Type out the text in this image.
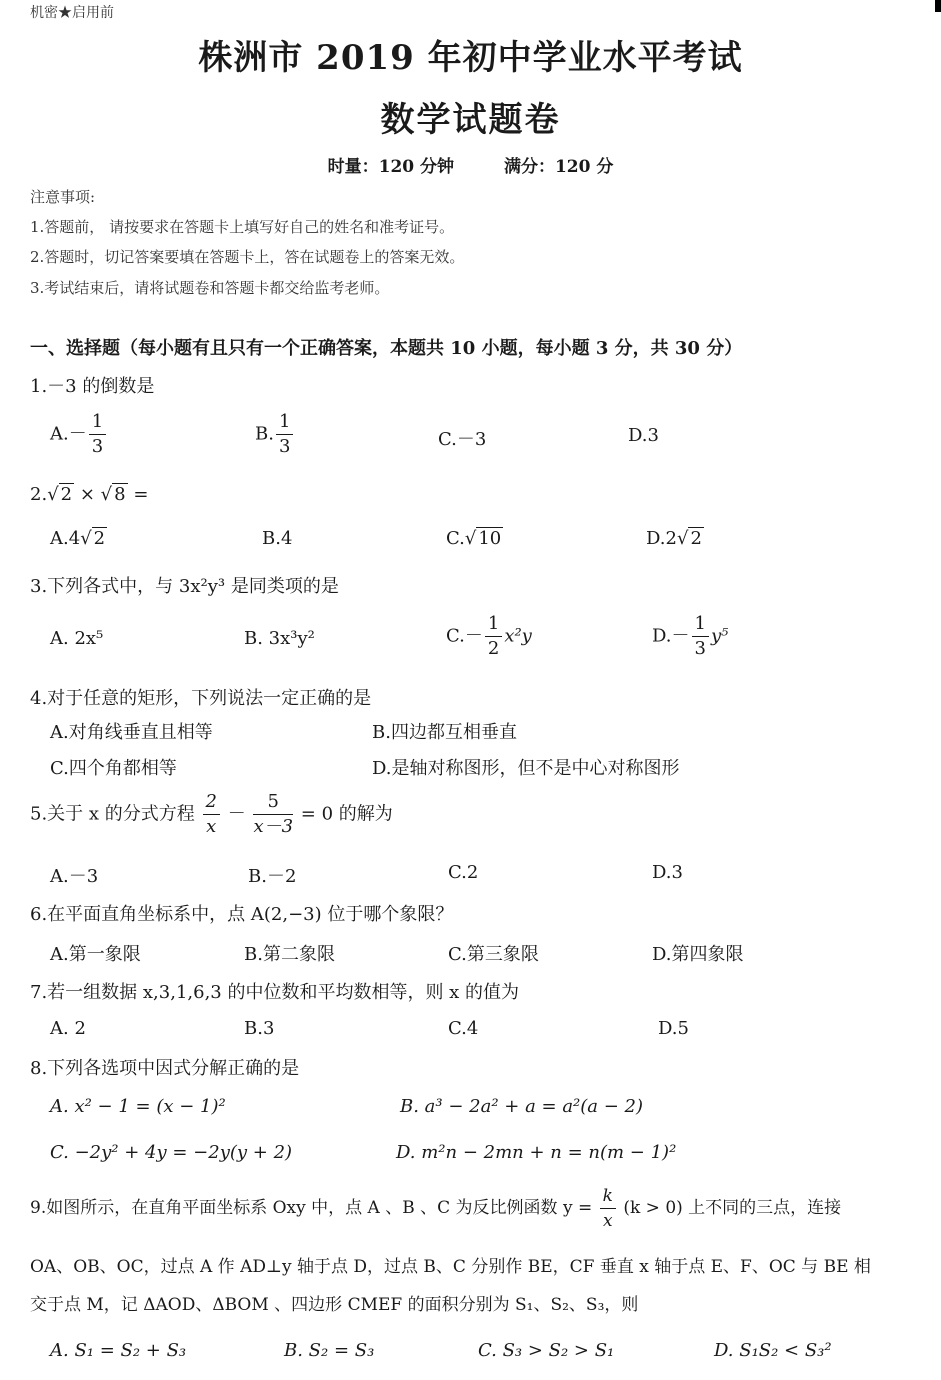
机密★启用前
株洲市 2019 年初中学业水平考试
数学试题卷
时量：120 分钟	满分：120 分
注意事项:
1.答题前， 请按要求在答题卡上填写好自己的姓名和准考证号。
2.答题时，切记答案要填在答题卡上，答在试题卷上的答案无效。
3.考试结束后，请将试题卷和答题卡都交给监考老师。
一、选择题（每小题有且只有一个正确答案，本题共 10 小题，每小题 3 分，共 30 分）
1.－3 的倒数是
$A.- \frac{1}{3}$	B. $\frac{1}{3}$	C.－3	D.3
2.√ 2 × √ 8 =
A.4√ 2	B.4	C.√ 10	D.2√ 2
3.下列各式中，与 3x²y³ 是同类项的是
A. 2x⁵	B. 3x³y²	$C.- \frac{1}{2} x^2y$	$D.- \frac{1}{3} y^5$
4.对于任意的矩形，下列说法一定正确的是
A.对角线垂直且相等	B.四边都互相垂直
C.四个角都相等	D.是轴对称图形，但不是中心对称图形
5.关于 x 的分式方程 $\frac{2}{x} - \frac{5}{x-3} = 0$ 的解为
A.－3	B.－2	C.2	D.3
6.在平面直角坐标系中，点 A(2,−3) 位于哪个象限？
A.第一象限	B.第二象限	C.第三象限	D.第四象限
7.若一组数据 x,3,1,6,3 的中位数和平均数相等，则 x 的值为
A. 2	B.3	C.4	D.5
8.下列各选项中因式分解正确的是
A. x² − 1 = (x − 1)²	B. a³ − 2a² + a = a²(a − 2)
C. −2y² + 4y = −2y(y + 2)	D. m²n − 2mn + n = n(m − 1)²
9.如图所示，在直角平面坐标系 Oxy 中，点 A 、B 、C 为反比例函数 $y = \frac{k}{x} (k > 0)$ 上不同的三点，连接
OA、OB、OC，过点 A 作 AD⊥y 轴于点 D，过点 B、C 分别作 BE，CF 垂直 x 轴于点 E、F、OC 与 BE 相
交于点 M，记 ΔAOD、ΔBOM 、四边形 CMEF 的面积分别为 S₁、S₂、S₃，则
A. S₁ = S₂ + S₃	B. S₂ = S₃	C. S₃ > S₂ > S₁	D. S₁S₂ < S₃²
